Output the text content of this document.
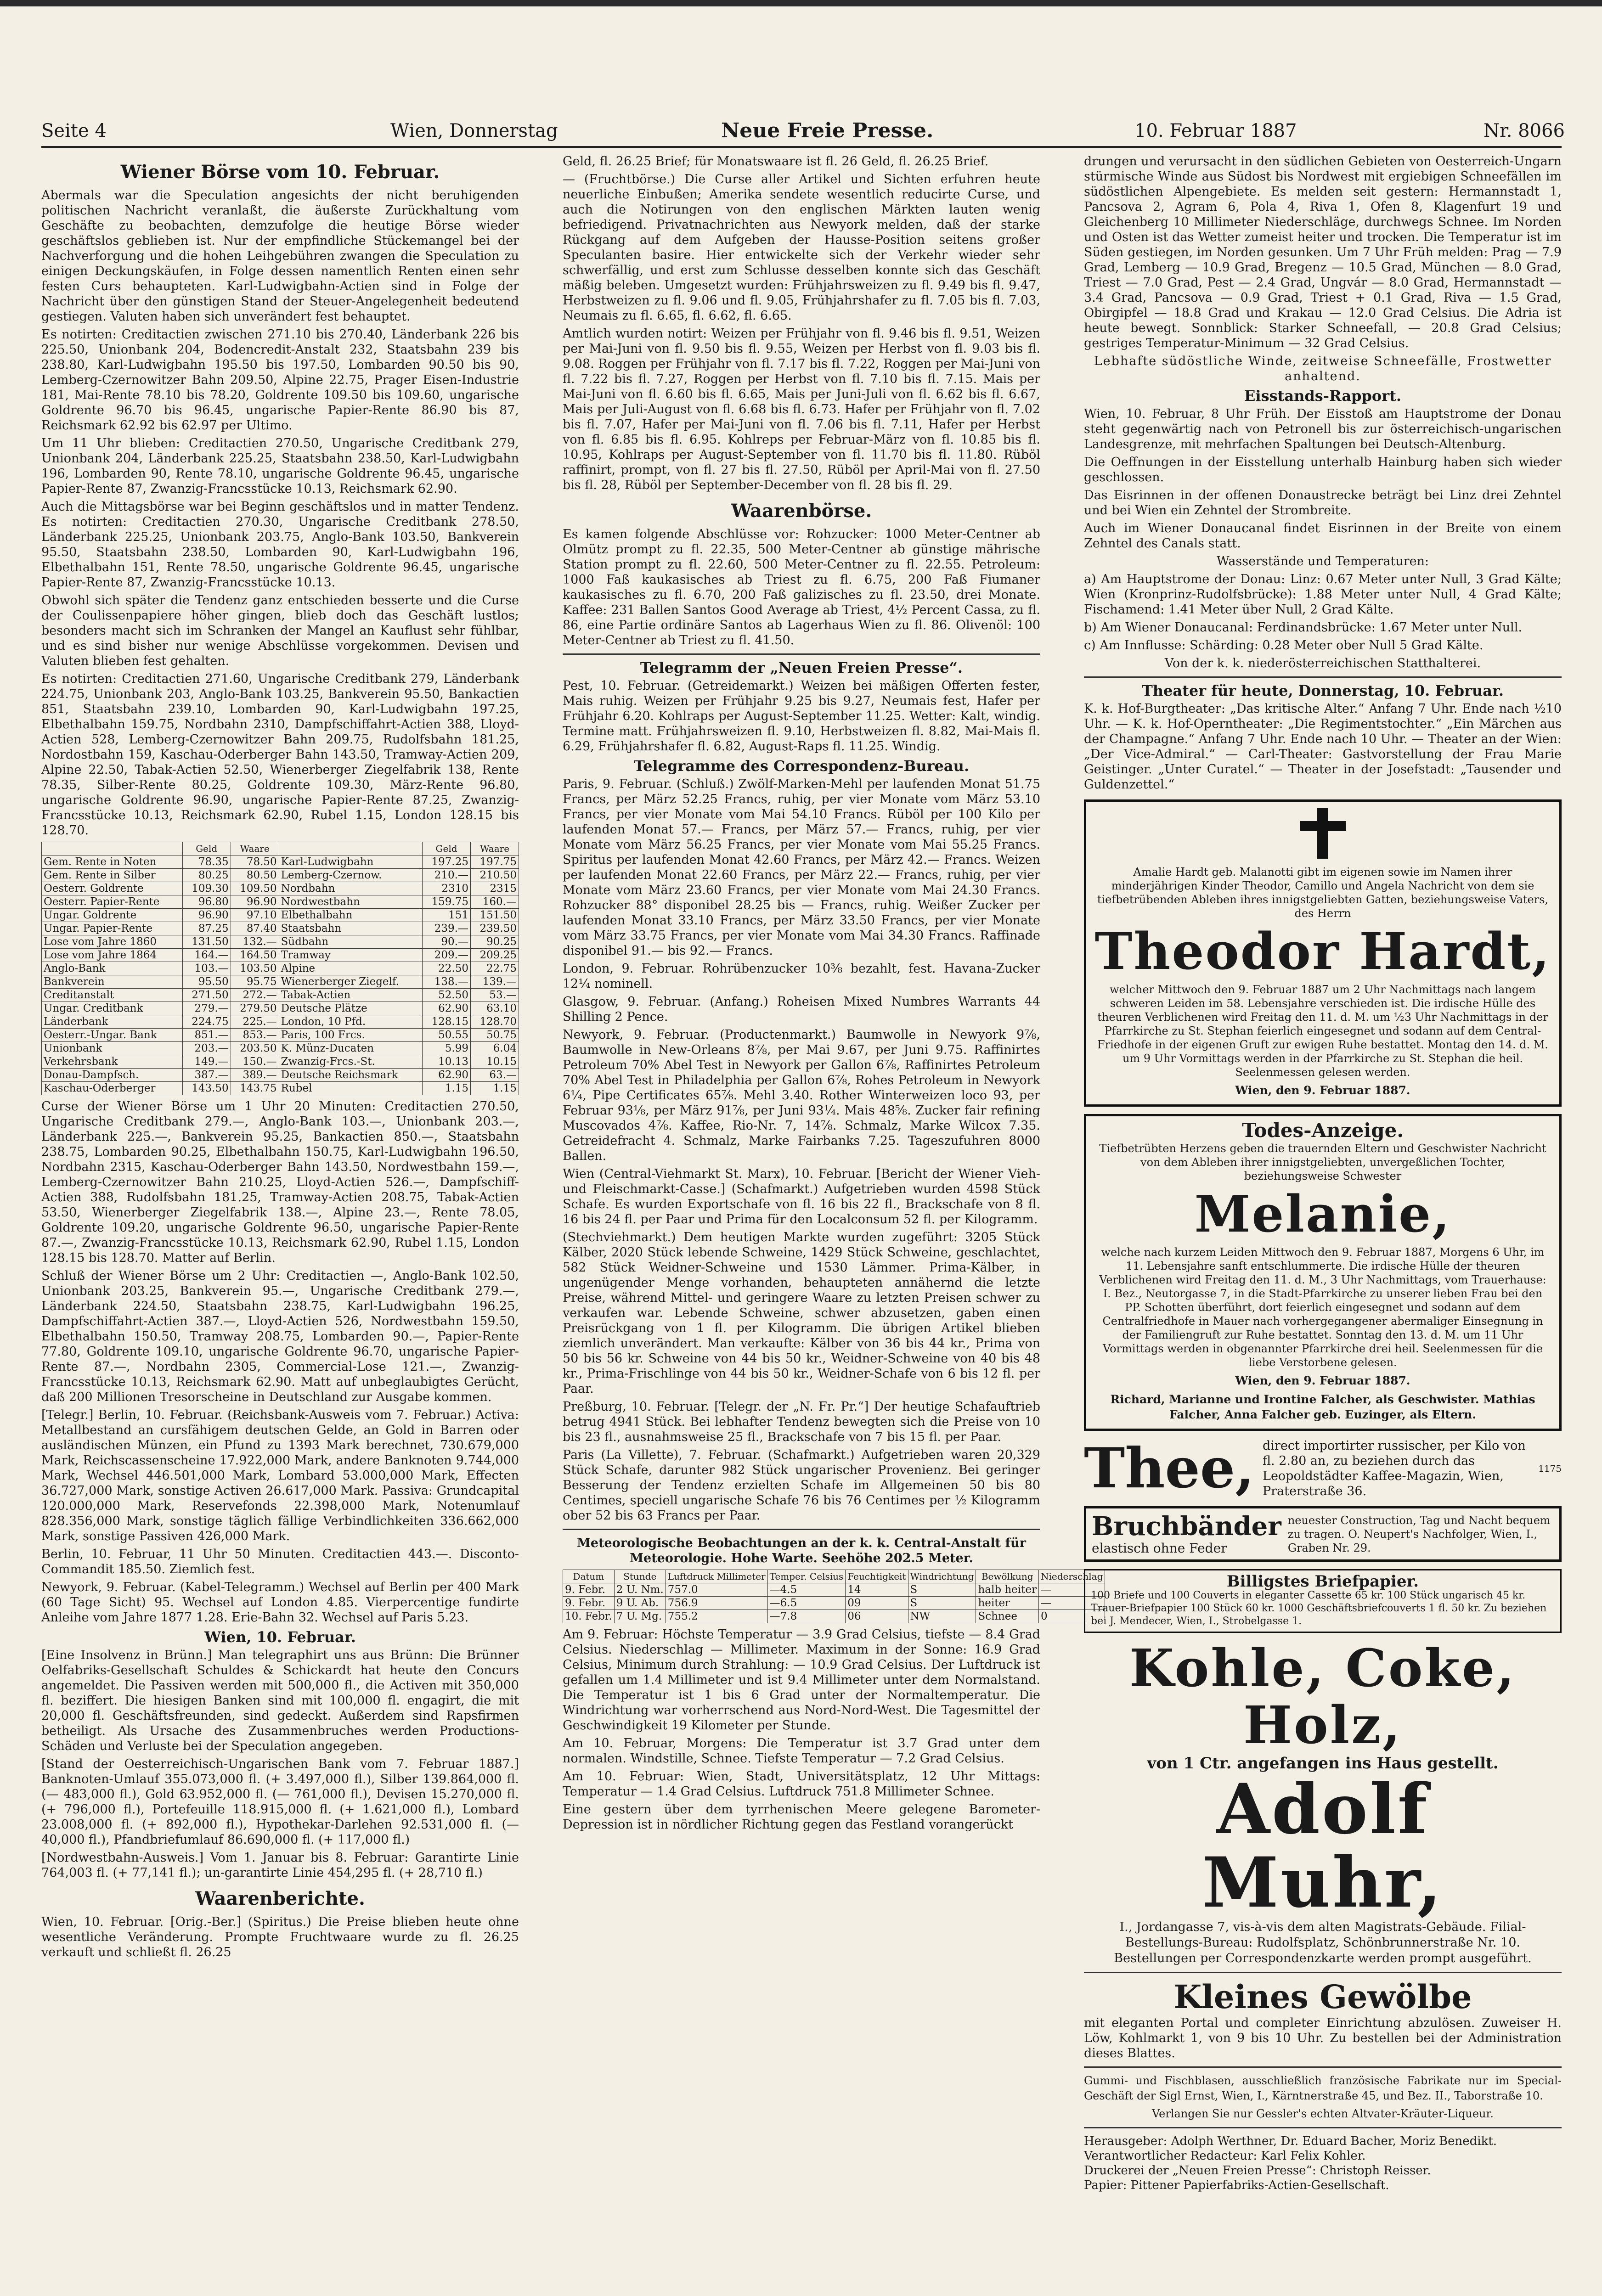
Seite 4	Wien, Donnerstag	Neue Freie Presse.	10. Februar 1887	Nr. 8066
Wiener Börse vom 10. Februar.

Abermals war die Speculation angesichts der nicht beruhigenden politischen Nachricht veranlaßt, die äußerste Zurückhaltung vom Geschäfte zu beobachten, demzufolge die heutige Börse wieder geschäftslos geblieben ist. Nur der empfindliche Stückemangel bei der Nachverforgung und die hohen Leihgebühren zwangen die Speculation zu einigen Deckungskäufen, in Folge dessen namentlich Renten einen sehr festen Curs behaupteten. Karl-Ludwigbahn-Actien sind in Folge der Nachricht über den günstigen Stand der Steuer-Angelegenheit bedeutend gestiegen. Valuten haben sich unverändert fest behauptet.

Es notirten: Creditactien zwischen 271.10 bis 270.40, Länderbank 226 bis 225.50, Unionbank 204, Bodencredit-Anstalt 232, Staatsbahn 239 bis 238.80, Karl-Ludwigbahn 195.50 bis 197.50, Lombarden 90.50 bis 90, Lemberg-Czernowitzer Bahn 209.50, Alpine 22.75, Prager Eisen-Industrie 181, Mai-Rente 78.10 bis 78.20, Goldrente 109.50 bis 109.60, ungarische Goldrente 96.70 bis 96.45, ungarische Papier-Rente 86.90 bis 87, Reichsmark 62.92 bis 62.97 per Ultimo.

Um 11 Uhr blieben: Creditactien 270.50, Ungarische Creditbank 279, Unionbank 204, Länderbank 225.25, Staatsbahn 238.50, Karl-Ludwigbahn 196, Lombarden 90, Rente 78.10, ungarische Goldrente 96.45, ungarische Papier-Rente 87, Zwanzig-Francsstücke 10.13, Reichsmark 62.90.

Auch die Mittagsbörse war bei Beginn geschäftslos und in matter Tendenz. Es notirten: Creditactien 270.30, Ungarische Creditbank 278.50, Länderbank 225.25, Unionbank 203.75, Anglo-Bank 103.50, Bankverein 95.50, Staatsbahn 238.50, Lombarden 90, Karl-Ludwigbahn 196, Elbethalbahn 151, Rente 78.50, ungarische Goldrente 96.45, ungarische Papier-Rente 87, Zwanzig-Francsstücke 10.13.

Obwohl sich später die Tendenz ganz entschieden besserte und die Curse der Coulissenpapiere höher gingen, blieb doch das Geschäft lustlos; besonders macht sich im Schranken der Mangel an Kauflust sehr fühlbar, und es sind bisher nur wenige Abschlüsse vorgekommen. Devisen und Valuten blieben fest gehalten.

Es notirten: Creditactien 271.60, Ungarische Creditbank 279, Länderbank 224.75, Unionbank 203, Anglo-Bank 103.25, Bankverein 95.50, Bankactien 851, Staatsbahn 239.10, Lombarden 90, Karl-Ludwigbahn 197.25, Elbethalbahn 159.75, Nordbahn 2310, Dampfschiffahrt-Actien 388, Lloyd-Actien 528, Lemberg-Czernowitzer Bahn 209.75, Rudolfsbahn 181.25, Nordostbahn 159, Kaschau-Oderberger Bahn 143.50, Tramway-Actien 209, Alpine 22.50, Tabak-Actien 52.50, Wienerberger Ziegelfabrik 138, Rente 78.35, Silber-Rente 80.25, Goldrente 109.30, März-Rente 96.80, ungarische Goldrente 96.90, ungarische Papier-Rente 87.25, Zwanzig-Francsstücke 10.13, Reichsmark 62.90, Rubel 1.15, London 128.15 bis 128.70.

	Geld	Waare		Geld	Waare
Gem. Rente in Noten	78.35	78.50	Karl-Ludwigbahn	197.25	197.75
Gem. Rente in Silber	80.25	80.50	Lemberg-Czernow.	210.—	210.50
Oesterr. Goldrente	109.30	109.50	Nordbahn	2310	2315
Oesterr. Papier-Rente	96.80	96.90	Nordwestbahn	159.75	160.—
Ungar. Goldrente	96.90	97.10	Elbethalbahn	151	151.50
Ungar. Papier-Rente	87.25	87.40	Staatsbahn	239.—	239.50
Lose vom Jahre 1860	131.50	132.—	Südbahn	90.—	90.25
Lose vom Jahre 1864	164.—	164.50	Tramway	209.—	209.25
Anglo-Bank	103.—	103.50	Alpine	22.50	22.75
Bankverein	95.50	95.75	Wienerberger Ziegelf.	138.—	139.—
Creditanstalt	271.50	272.—	Tabak-Actien	52.50	53.—
Ungar. Creditbank	279.—	279.50	Deutsche Plätze	62.90	63.10
Länderbank	224.75	225.—	London, 10 Pfd.	128.15	128.70
Oesterr.-Ungar. Bank	851.—	853.—	Paris, 100 Frcs.	50.55	50.75
Unionbank	203.—	203.50	K. Münz-Ducaten	5.99	6.04
Verkehrsbank	149.—	150.—	Zwanzig-Frcs.-St.	10.13	10.15
Donau-Dampfsch.	387.—	389.—	Deutsche Reichsmark	62.90	63.—
Kaschau-Oderberger	143.50	143.75	Rubel	1.15	1.15

Curse der Wiener Börse um 1 Uhr 20 Minuten: Creditactien 270.50, Ungarische Creditbank 279.—, Anglo-Bank 103.—, Unionbank 203.—, Länderbank 225.—, Bankverein 95.25, Bankactien 850.—, Staatsbahn 238.75, Lombarden 90.25, Elbethalbahn 150.75, Karl-Ludwigbahn 196.50, Nordbahn 2315, Kaschau-Oderberger Bahn 143.50, Nordwestbahn 159.—, Lemberg-Czernowitzer Bahn 210.25, Lloyd-Actien 526.—, Dampfschiff-Actien 388, Rudolfsbahn 181.25, Tramway-Actien 208.75, Tabak-Actien 53.50, Wienerberger Ziegelfabrik 138.—, Alpine 23.—, Rente 78.05, Goldrente 109.20, ungarische Goldrente 96.50, ungarische Papier-Rente 87.—, Zwanzig-Francsstücke 10.13, Reichsmark 62.90, Rubel 1.15, London 128.15 bis 128.70. Matter auf Berlin.

Schluß der Wiener Börse um 2 Uhr: Creditactien —, Anglo-Bank 102.50, Unionbank 203.25, Bankverein 95.—, Ungarische Creditbank 279.—, Länderbank 224.50, Staatsbahn 238.75, Karl-Ludwigbahn 196.25, Dampfschiffahrt-Actien 387.—, Lloyd-Actien 526, Nordwestbahn 159.50, Elbethalbahn 150.50, Tramway 208.75, Lombarden 90.—, Papier-Rente 77.80, Goldrente 109.10, ungarische Goldrente 96.70, ungarische Papier-Rente 87.—, Nordbahn 2305, Commercial-Lose 121.—, Zwanzig-Francsstücke 10.13, Reichsmark 62.90. Matt auf unbeglaubigtes Gerücht, daß 200 Millionen Tresorscheine in Deutschland zur Ausgabe kommen.

[Telegr.] Berlin, 10. Februar. (Reichsbank-Ausweis vom 7. Februar.) Activa: Metallbestand an cursfähigem deutschen Gelde, an Gold in Barren oder ausländischen Münzen, ein Pfund zu 1393 Mark berechnet, 730.679,000 Mark, Reichscassenscheine 17.922,000 Mark, andere Banknoten 9.744,000 Mark, Wechsel 446.501,000 Mark, Lombard 53.000,000 Mark, Effecten 36.727,000 Mark, sonstige Activen 26.617,000 Mark. Passiva: Grundcapital 120.000,000 Mark, Reservefonds 22.398,000 Mark, Notenumlauf 828.356,000 Mark, sonstige täglich fällige Verbindlichkeiten 336.662,000 Mark, sonstige Passiven 426,000 Mark.

Berlin, 10. Februar, 11 Uhr 50 Minuten. Creditactien 443.—. Disconto-Commandit 185.50. Ziemlich fest.

Newyork, 9. Februar. (Kabel-Telegramm.) Wechsel auf Berlin per 400 Mark (60 Tage Sicht) 95. Wechsel auf London 4.85. Vierpercentige fundirte Anleihe vom Jahre 1877 1.28. Erie-Bahn 32. Wechsel auf Paris 5.23.

Wien, 10. Februar.

[Eine Insolvenz in Brünn.] Man telegraphirt uns aus Brünn: Die Brünner Oelfabriks-Gesellschaft Schuldes & Schickardt hat heute den Concurs angemeldet. Die Passiven werden mit 500,000 fl., die Activen mit 350,000 fl. beziffert. Die hiesigen Banken sind mit 100,000 fl. engagirt, die mit 20,000 fl. Geschäftsfreunden, sind gedeckt. Außerdem sind Rapsfirmen betheiligt. Als Ursache des Zusammenbruches werden Productions-Schäden und Verluste bei der Speculation angegeben.

[Stand der Oesterreichisch-Ungarischen Bank vom 7. Februar 1887.] Banknoten-Umlauf 355.073,000 fl. (+ 3.497,000 fl.), Silber 139.864,000 fl. (— 483,000 fl.), Gold 63.952,000 fl. (— 761,000 fl.), Devisen 15.270,000 fl. (+ 796,000 fl.), Portefeuille 118.915,000 fl. (+ 1.621,000 fl.), Lombard 23.008,000 fl. (+ 892,000 fl.), Hypothekar-Darlehen 92.531,000 fl. (— 40,000 fl.), Pfandbriefumlauf 86.690,000 fl. (+ 117,000 fl.)

[Nordwestbahn-Ausweis.] Vom 1. Januar bis 8. Februar: Garantirte Linie 764,003 fl. (+ 77,141 fl.); un-garantirte Linie 454,295 fl. (+ 28,710 fl.)

Waarenberichte.

Wien, 10. Februar. [Orig.-Ber.] (Spiritus.) Die Preise blieben heute ohne wesentliche Veränderung. Prompte Fruchtwaare wurde zu fl. 26.25 verkauft und schließt fl. 26.25

Geld, fl. 26.25 Brief; für Monatswaare ist fl. 26 Geld, fl. 26.25 Brief.

— (Fruchtbörse.) Die Curse aller Artikel und Sichten erfuhren heute neuerliche Einbußen; Amerika sendete wesentlich reducirte Curse, und auch die Notirungen von den englischen Märkten lauten wenig befriedigend. Privatnachrichten aus Newyork melden, daß der starke Rückgang auf dem Aufgeben der Hausse-Position seitens großer Speculanten basire. Hier entwickelte sich der Verkehr wieder sehr schwerfällig, und erst zum Schlusse desselben konnte sich das Geschäft mäßig beleben. Umgesetzt wurden: Frühjahrsweizen zu fl. 9.49 bis fl. 9.47, Herbstweizen zu fl. 9.06 und fl. 9.05, Frühjahrshafer zu fl. 7.05 bis fl. 7.03, Neumais zu fl. 6.65, fl. 6.62, fl. 6.65.

Amtlich wurden notirt: Weizen per Frühjahr von fl. 9.46 bis fl. 9.51, Weizen per Mai-Juni von fl. 9.50 bis fl. 9.55, Weizen per Herbst von fl. 9.03 bis fl. 9.08. Roggen per Frühjahr von fl. 7.17 bis fl. 7.22, Roggen per Mai-Juni von fl. 7.22 bis fl. 7.27, Roggen per Herbst von fl. 7.10 bis fl. 7.15. Mais per Mai-Juni von fl. 6.60 bis fl. 6.65, Mais per Juni-Juli von fl. 6.62 bis fl. 6.67, Mais per Juli-August von fl. 6.68 bis fl. 6.73. Hafer per Frühjahr von fl. 7.02 bis fl. 7.07, Hafer per Mai-Juni von fl. 7.06 bis fl. 7.11, Hafer per Herbst von fl. 6.85 bis fl. 6.95. Kohlreps per Februar-März von fl. 10.85 bis fl. 10.95, Kohlraps per August-September von fl. 11.70 bis fl. 11.80. Rüböl raffinirt, prompt, von fl. 27 bis fl. 27.50, Rüböl per April-Mai von fl. 27.50 bis fl. 28, Rüböl per September-December von fl. 28 bis fl. 29.

Waarenbörse.

Es kamen folgende Abschlüsse vor: Rohzucker: 1000 Meter-Centner ab Olmütz prompt zu fl. 22.35, 500 Meter-Centner ab günstige mährische Station prompt zu fl. 22.60, 500 Meter-Centner zu fl. 22.55. Petroleum: 1000 Faß kaukasisches ab Triest zu fl. 6.75, 200 Faß Fiumaner kaukasisches zu fl. 6.70, 200 Faß galizisches zu fl. 23.50, drei Monate. Kaffee: 231 Ballen Santos Good Average ab Triest, 4½ Percent Cassa, zu fl. 86, eine Partie ordinäre Santos ab Lagerhaus Wien zu fl. 86. Olivenöl: 100 Meter-Centner ab Triest zu fl. 41.50.

Telegramm der „Neuen Freien Presse“.

Pest, 10. Februar. (Getreidemarkt.) Weizen bei mäßigen Offerten fester, Mais ruhig. Weizen per Frühjahr 9.25 bis 9.27, Neumais fest, Hafer per Frühjahr 6.20. Kohlraps per August-September 11.25. Wetter: Kalt, windig. Termine matt. Frühjahrsweizen fl. 9.10, Herbstweizen fl. 8.82, Mai-Mais fl. 6.29, Frühjahrshafer fl. 6.82, August-Raps fl. 11.25. Windig.

Telegramme des Correspondenz-Bureau.

Paris, 9. Februar. (Schluß.) Zwölf-Marken-Mehl per laufenden Monat 51.75 Francs, per März 52.25 Francs, ruhig, per vier Monate vom März 53.10 Francs, per vier Monate vom Mai 54.10 Francs. Rüböl per 100 Kilo per laufenden Monat 57.— Francs, per März 57.— Francs, ruhig, per vier Monate vom März 56.25 Francs, per vier Monate vom Mai 55.25 Francs. Spiritus per laufenden Monat 42.60 Francs, per März 42.— Francs. Weizen per laufenden Monat 22.60 Francs, per März 22.— Francs, ruhig, per vier Monate vom März 23.60 Francs, per vier Monate vom Mai 24.30 Francs. Rohzucker 88° disponibel 28.25 bis — Francs, ruhig. Weißer Zucker per laufenden Monat 33.10 Francs, per März 33.50 Francs, per vier Monate vom März 33.75 Francs, per vier Monate vom Mai 34.30 Francs. Raffinade disponibel 91.— bis 92.— Francs.

London, 9. Februar. Rohrübenzucker 10⅜ bezahlt, fest. Havana-Zucker 12¼ nominell.

Glasgow, 9. Februar. (Anfang.) Roheisen Mixed Numbres Warrants 44 Shilling 2 Pence.

Newyork, 9. Februar. (Productenmarkt.) Baumwolle in Newyork 9⅞, Baumwolle in New-Orleans 8⅞, per Mai 9.67, per Juni 9.75. Raffinirtes Petroleum 70% Abel Test in Newyork per Gallon 6⅞, Raffinirtes Petroleum 70% Abel Test in Philadelphia per Gallon 6⅞, Rohes Petroleum in Newyork 6¼, Pipe Certificates 65⅞. Mehl 3.40. Rother Winterweizen loco 93, per Februar 93⅛, per März 91⅞, per Juni 93¼. Mais 48⅝. Zucker fair refining Muscovados 4⅞. Kaffee, Rio-Nr. 7, 14⅞. Schmalz, Marke Wilcox 7.35. Getreidefracht 4. Schmalz, Marke Fairbanks 7.25. Tageszufuhren 8000 Ballen.

Wien (Central-Viehmarkt St. Marx), 10. Februar. [Bericht der Wiener Vieh- und Fleischmarkt-Casse.] (Schafmarkt.) Aufgetrieben wurden 4598 Stück Schafe. Es wurden Exportschafe von fl. 16 bis 22 fl., Brackschafe von 8 fl. 16 bis 24 fl. per Paar und Prima für den Localconsum 52 fl. per Kilogramm.

(Stechviehmarkt.) Dem heutigen Markte wurden zugeführt: 3205 Stück Kälber, 2020 Stück lebende Schweine, 1429 Stück Schweine, geschlachtet, 582 Stück Weidner-Schweine und 1530 Lämmer. Prima-Kälber, in ungenügender Menge vorhanden, behaupteten annähernd die letzte Preise, während Mittel- und geringere Waare zu letzten Preisen schwer zu verkaufen war. Lebende Schweine, schwer abzusetzen, gaben einen Preisrückgang von 1 fl. per Kilogramm. Die übrigen Artikel blieben ziemlich unverändert. Man verkaufte: Kälber von 36 bis 44 kr., Prima von 50 bis 56 kr. Schweine von 44 bis 50 kr., Weidner-Schweine von 40 bis 48 kr., Prima-Frischlinge von 44 bis 50 kr., Weidner-Schafe von 6 bis 12 fl. per Paar.

Preßburg, 10. Februar. [Telegr. der „N. Fr. Pr.“] Der heutige Schafauftrieb betrug 4941 Stück. Bei lebhafter Tendenz bewegten sich die Preise von 10 bis 23 fl., ausnahmsweise 25 fl., Brackschafe von 7 bis 15 fl. per Paar.

Paris (La Villette), 7. Februar. (Schafmarkt.) Aufgetrieben waren 20,329 Stück Schafe, darunter 982 Stück ungarischer Provenienz. Bei geringer Besserung der Tendenz erzielten Schafe im Allgemeinen 50 bis 80 Centimes, speciell ungarische Schafe 76 bis 76 Centimes per ½ Kilogramm ober 52 bis 63 Francs per Paar.

Meteorologische Beobachtungen an der k. k. Central-Anstalt für Meteorologie. Hohe Warte. Seehöhe 202.5 Meter.
Datum	Stunde	Luftdruck Millimeter	Temper. Celsius	Feuchtigkeit	Windrichtung	Bewölkung	Niederschlag
9. Febr.	2 U. Nm.	757.0	—4.5	14	S	halb heiter	—
9. Febr.	9 U. Ab.	756.9	—6.5	09	S	heiter	—
10. Febr.	7 U. Mg.	755.2	—7.8	06	NW	Schnee	0

Am 9. Februar: Höchste Temperatur — 3.9 Grad Celsius, tiefste — 8.4 Grad Celsius. Niederschlag — Millimeter. Maximum in der Sonne: 16.9 Grad Celsius, Minimum durch Strahlung: — 10.9 Grad Celsius. Der Luftdruck ist gefallen um 1.4 Millimeter und ist 9.4 Millimeter unter dem Normalstand. Die Temperatur ist 1 bis 6 Grad unter der Normaltemperatur. Die Windrichtung war vorherrschend aus Nord-Nord-West. Die Tagesmittel der Geschwindigkeit 19 Kilometer per Stunde.

Am 10. Februar, Morgens: Die Temperatur ist 3.7 Grad unter dem normalen. Windstille, Schnee. Tiefste Temperatur — 7.2 Grad Celsius.

Am 10. Februar: Wien, Stadt, Universitätsplatz, 12 Uhr Mittags: Temperatur — 1.4 Grad Celsius. Luftdruck 751.8 Millimeter Schnee.

Eine gestern über dem tyrrhenischen Meere gelegene Barometer-Depression ist in nördlicher Richtung gegen das Festland vorangerückt

drungen und verursacht in den südlichen Gebieten von Oesterreich-Ungarn stürmische Winde aus Südost bis Nordwest mit ergiebigen Schneefällen im südöstlichen Alpengebiete. Es melden seit gestern: Hermannstadt 1, Pancsova 2, Agram 6, Pola 4, Riva 1, Ofen 8, Klagenfurt 19 und Gleichenberg 10 Millimeter Niederschläge, durchwegs Schnee. Im Norden und Osten ist das Wetter zumeist heiter und trocken. Die Temperatur ist im Süden gestiegen, im Norden gesunken. Um 7 Uhr Früh melden: Prag — 7.9 Grad, Lemberg — 10.9 Grad, Bregenz — 10.5 Grad, München — 8.0 Grad, Triest — 7.0 Grad, Pest — 2.4 Grad, Ungvár — 8.0 Grad, Hermannstadt — 3.4 Grad, Pancsova — 0.9 Grad, Triest + 0.1 Grad, Riva — 1.5 Grad, Obirgipfel — 18.8 Grad und Krakau — 12.0 Grad Celsius. Die Adria ist heute bewegt. Sonnblick: Starker Schneefall, — 20.8 Grad Celsius; gestriges Temperatur-Minimum — 32 Grad Celsius.

Lebhafte südöstliche Winde, zeitweise Schneefälle, Frostwetter anhaltend.

Eisstands-Rapport.

Wien, 10. Februar, 8 Uhr Früh. Der Eisstoß am Hauptstrome der Donau steht gegenwärtig nach von Petronell bis zur österreichisch-ungarischen Landesgrenze, mit mehrfachen Spaltungen bei Deutsch-Altenburg.

Die Oeffnungen in der Eisstellung unterhalb Hainburg haben sich wieder geschlossen.

Das Eisrinnen in der offenen Donaustrecke beträgt bei Linz drei Zehntel und bei Wien ein Zehntel der Strombreite.

Auch im Wiener Donaucanal findet Eisrinnen in der Breite von einem Zehntel des Canals statt.

Wasserstände und Temperaturen:

a) Am Hauptstrome der Donau: Linz: 0.67 Meter unter Null, 3 Grad Kälte; Wien (Kronprinz-Rudolfsbrücke): 1.88 Meter unter Null, 4 Grad Kälte; Fischamend: 1.41 Meter über Null, 2 Grad Kälte.

b) Am Wiener Donaucanal: Ferdinandsbrücke: 1.67 Meter unter Null.

c) Am Innflusse: Schärding: 0.28 Meter ober Null 5 Grad Kälte.

Von der k. k. niederösterreichischen Statthalterei.

Theater für heute, Donnerstag, 10. Februar.

K. k. Hof-Burgtheater: „Das kritische Alter.“ Anfang 7 Uhr. Ende nach ½10 Uhr. — K. k. Hof-Operntheater: „Die Regimentstochter.“ „Ein Märchen aus der Champagne.“ Anfang 7 Uhr. Ende nach 10 Uhr. — Theater an der Wien: „Der Vice-Admiral.“ — Carl-Theater: Gastvorstellung der Frau Marie Geistinger. „Unter Curatel.“ — Theater in der Josefstadt: „Tausender und Guldenzettel.“

Amalie Hardt geb. Malanotti gibt im eigenen sowie im Namen ihrer minderjährigen Kinder Theodor, Camillo und Angela Nachricht von dem sie tiefbetrübenden Ableben ihres innigstgeliebten Gatten, beziehungsweise Vaters, des Herrn
Theodor Hardt,
welcher Mittwoch den 9. Februar 1887 um 2 Uhr Nachmittags nach langem schweren Leiden im 58. Lebensjahre verschieden ist. Die irdische Hülle des theuren Verblichenen wird Freitag den 11. d. M. um ½3 Uhr Nachmittags in der Pfarrkirche zu St. Stephan feierlich eingesegnet und sodann auf dem Central-Friedhofe in der eigenen Gruft zur ewigen Ruhe bestattet. Montag den 14. d. M. um 9 Uhr Vormittags werden in der Pfarrkirche zu St. Stephan die heil. Seelenmessen gelesen werden.
Wien, den 9. Februar 1887.
Todes-Anzeige.
Tiefbetrübten Herzens geben die trauernden Eltern und Geschwister Nachricht von dem Ableben ihrer innigstgeliebten, unvergeßlichen Tochter, beziehungsweise Schwester
Melanie,
welche nach kurzem Leiden Mittwoch den 9. Februar 1887, Morgens 6 Uhr, im 11. Lebensjahre sanft entschlummerte. Die irdische Hülle der theuren Verblichenen wird Freitag den 11. d. M., 3 Uhr Nachmittags, vom Trauerhause: I. Bez., Neutorgasse 7, in die Stadt-Pfarrkirche zu unserer lieben Frau bei den PP. Schotten überführt, dort feierlich eingesegnet und sodann auf dem Centralfriedhofe in Mauer nach vorhergegangener abermaliger Einsegnung in der Familiengruft zur Ruhe bestattet. Sonntag den 13. d. M. um 11 Uhr Vormittags werden in obgenannter Pfarrkirche drei heil. Seelenmessen für die liebe Verstorbene gelesen.
Wien, den 9. Februar 1887.
Richard, Marianne und Irontine Falcher, als Geschwister. Mathias Falcher, Anna Falcher geb. Euzinger, als Eltern.
Thee, direct importirter russischer, per Kilo von fl. 2.80 an, zu beziehen durch das Leopoldstädter Kaffee-Magazin, Wien, Praterstraße 36.
1175
Bruchbänder
elastisch ohne Feder
neuester Construction, Tag und Nacht bequem zu tragen. O. Neupert's Nachfolger, Wien, I., Graben Nr. 29.
Billigstes Briefpapier.
100 Briefe und 100 Couverts in eleganter Cassette 65 kr. 100 Stück ungarisch 45 kr. Trauer-Briefpapier 100 Stück 60 kr. 1000 Geschäftsbriefcouverts 1 fl. 50 kr. Zu beziehen bei J. Mendecer, Wien, I., Strobelgasse 1.
Kohle, Coke, Holz,
von 1 Ctr. angefangen ins Haus gestellt.
Adolf Muhr,
I., Jordangasse 7, vis-à-vis dem alten Magistrats-Gebäude. Filial-Bestellungs-Bureau: Rudolfsplatz, Schönbrunnerstraße Nr. 10. Bestellungen per Correspondenzkarte werden prompt ausgeführt.
Kleines Gewölbe

mit eleganten Portal und completer Einrichtung abzulösen. Zuweiser H. Löw, Kohlmarkt 1, von 9 bis 10 Uhr. Zu bestellen bei der Administration dieses Blattes.

Gummi- und Fischblasen, ausschließlich französische Fabrikate nur im Special-Geschäft der Sigl Ernst, Wien, I., Kärntnerstraße 45, und Bez. II., Taborstraße 10.

Verlangen Sie nur Gessler's echten Altvater-Kräuter-Liqueur.

Herausgeber: Adolph Werthner, Dr. Eduard Bacher, Moriz Benedikt.
Verantwortlicher Redacteur: Karl Felix Kohler.
Druckerei der „Neuen Freien Presse“: Christoph Reisser.
Papier: Pittener Papierfabriks-Actien-Gesellschaft.
